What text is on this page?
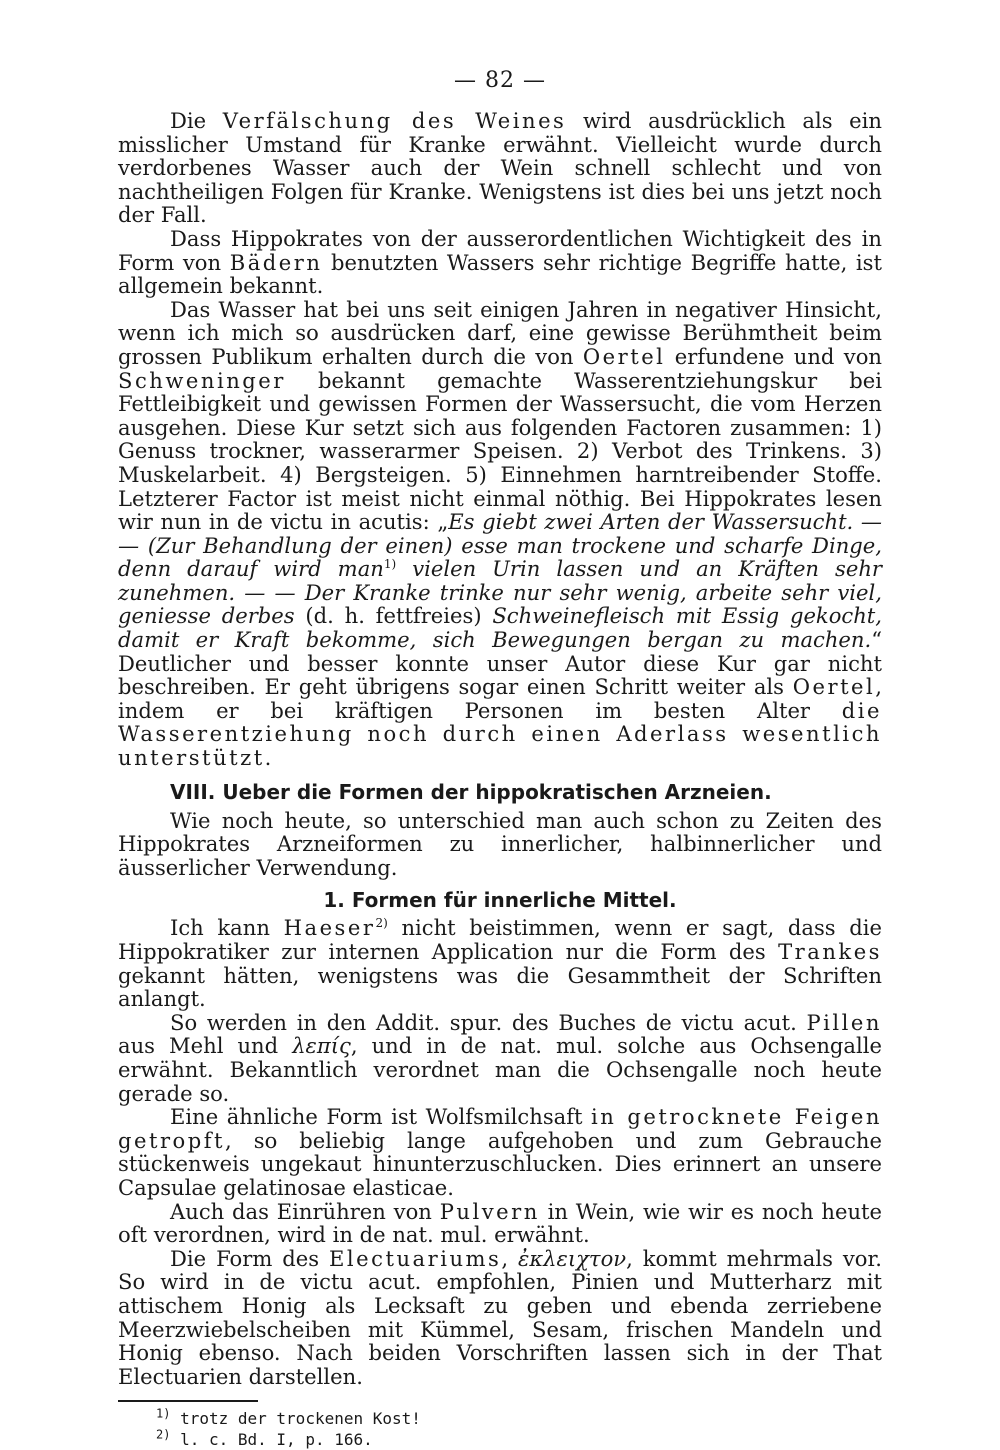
— 82 —

Die Verfälschung des Weines wird ausdrücklich als ein misslicher Umstand für Kranke erwähnt. Vielleicht wurde durch verdorbenes Wasser auch der Wein schnell schlecht und von nachtheiligen Folgen für Kranke. Wenigstens ist dies bei uns jetzt noch der Fall.

Dass Hippokrates von der ausserordentlichen Wichtigkeit des in Form von Bädern benutzten Wassers sehr richtige Begriffe hatte, ist allgemein bekannt.

Das Wasser hat bei uns seit einigen Jahren in negativer Hinsicht, wenn ich mich so ausdrücken darf, eine gewisse Berühmtheit beim grossen Publikum erhalten durch die von Oertel erfundene und von Schweninger bekannt gemachte Wasserentziehungskur bei Fettleibigkeit und gewissen Formen der Wassersucht, die vom Herzen ausgehen. Diese Kur setzt sich aus folgenden Factoren zusammen: 1) Genuss trockner, wasserarmer Speisen. 2) Verbot des Trinkens. 3) Muskelarbeit. 4) Bergsteigen. 5) Einnehmen harntreibender Stoffe. Letzterer Factor ist meist nicht einmal nöthig. Bei Hippokrates lesen wir nun in de victu in acutis: „Es giebt zwei Arten der Wassersucht. — — (Zur Behandlung der einen) esse man trockene und scharfe Dinge, denn darauf wird man$^{1)}$ vielen Urin lassen und an Kräften sehr zunehmen. — — Der Kranke trinke nur sehr wenig, arbeite sehr viel, geniesse derbes (d. h. fettfreies) Schweinefleisch mit Essig gekocht, damit er Kraft bekomme, sich Bewegungen bergan zu machen.“ Deutlicher und besser konnte unser Autor diese Kur gar nicht beschreiben. Er geht übrigens sogar einen Schritt weiter als Oertel, indem er bei kräftigen Personen im besten Alter die Wasserentziehung noch durch einen Aderlass wesentlich unterstützt.

VIII. Ueber die Formen der hippokratischen Arzneien.

Wie noch heute, so unterschied man auch schon zu Zeiten des Hippokrates Arzneiformen zu innerlicher, halbinnerlicher und äusserlicher Verwendung.

1. Formen für innerliche Mittel.

Ich kann Haeser$^{2)}$ nicht beistimmen, wenn er sagt, dass die Hippokratiker zur internen Application nur die Form des Trankes gekannt hätten, wenigstens was die Gesammtheit der Schriften anlangt.

So werden in den Addit. spur. des Buches de victu acut. Pillen aus Mehl und λεπίς, und in de nat. mul. solche aus Ochsengalle erwähnt. Bekanntlich verordnet man die Ochsengalle noch heute gerade so.

Eine ähnliche Form ist Wolfsmilchsaft in getrocknete Feigen getropft, so beliebig lange aufgehoben und zum Gebrauche stückenweis ungekaut hinunterzuschlucken. Dies erinnert an unsere Capsulae gelatinosae elasticae.

Auch das Einrühren von Pulvern in Wein, wie wir es noch heute oft verordnen, wird in de nat. mul. erwähnt.

Die Form des Electuariums, ἐκλειχτον, kommt mehrmals vor. So wird in de victu acut. empfohlen, Pinien und Mutterharz mit attischem Honig als Lecksaft zu geben und ebenda zerriebene Meerzwiebelscheiben mit Kümmel, Sesam, frischen Mandeln und Honig ebenso. Nach beiden Vorschriften lassen sich in der That Electuarien darstellen.

$^{1)}$ trotz der trockenen Kost!

$^{2)}$ l. c. Bd. I, p. 166.
